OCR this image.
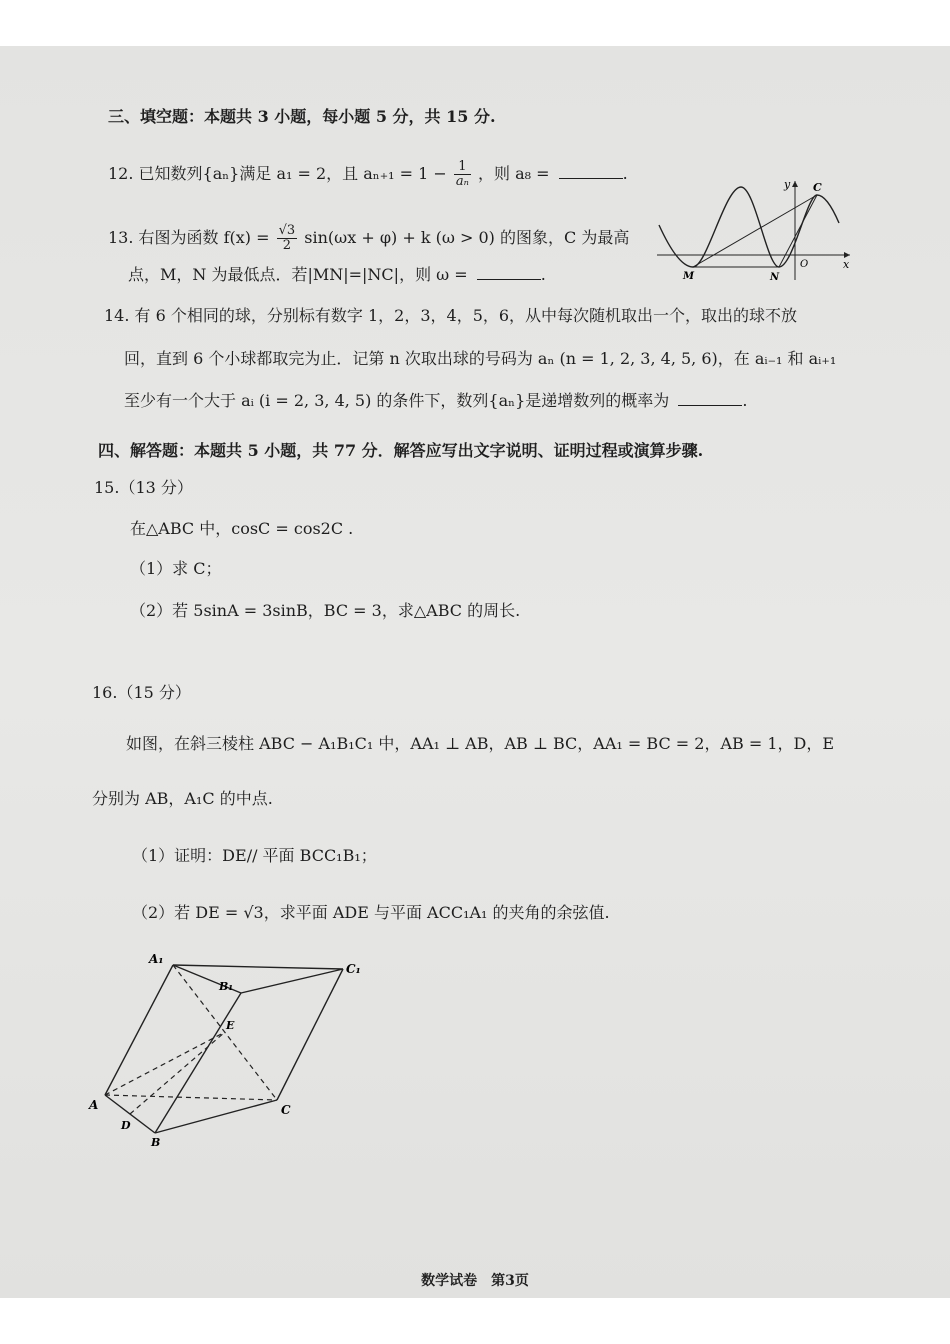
三、填空题：本题共 3 小题，每小题 5 分，共 15 分.
12. 已知数列{aₙ}满足 a₁ = 2，且 $a_{n+1} = 1 - \frac{1}{\text{aₙ}}$ ，则 a₈ =	.
13. 右图为函数 $f(x) = \frac{√3}{2} \sin(\omega x + \varphi) + k$ (ω > 0) 的图象，C 为最高
点，M，N 为最低点．若|MN|=|NC|，则 ω =	.
y
x
O
C
M	N
14. 有 6 个相同的球，分别标有数字 1，2，3，4，5，6，从中每次随机取出一个，取出的球不放
回，直到 6 个小球都取完为止．记第 n 次取出球的号码为 aₙ (n = 1, 2, 3, 4, 5, 6)，在 aᵢ₋₁ 和 aᵢ₊₁
至少有一个大于 aᵢ (i = 2, 3, 4, 5) 的条件下，数列{aₙ}是递增数列的概率为	.
四、解答题：本题共 5 小题，共 77 分．解答应写出文字说明、证明过程或演算步骤.
15.（13 分）
在△ABC 中，cosC = cos2C .
（1）求 C；
（2）若 5sinA = 3sinB，BC = 3，求△ABC 的周长.
16.（15 分）
如图，在斜三棱柱 ABC − A₁B₁C₁ 中，AA₁ ⊥ AB，AB ⊥ BC，AA₁ = BC = 2，AB = 1，D，E
分别为 AB，A₁C 的中点.
（1）证明：DE// 平面 BCC₁B₁；
（2）若 DE = √3，求平面 ADE 与平面 ACC₁A₁ 的夹角的余弦值.
A₁
B₁
C₁
E
A
D
B
C
数学试卷　第3页
